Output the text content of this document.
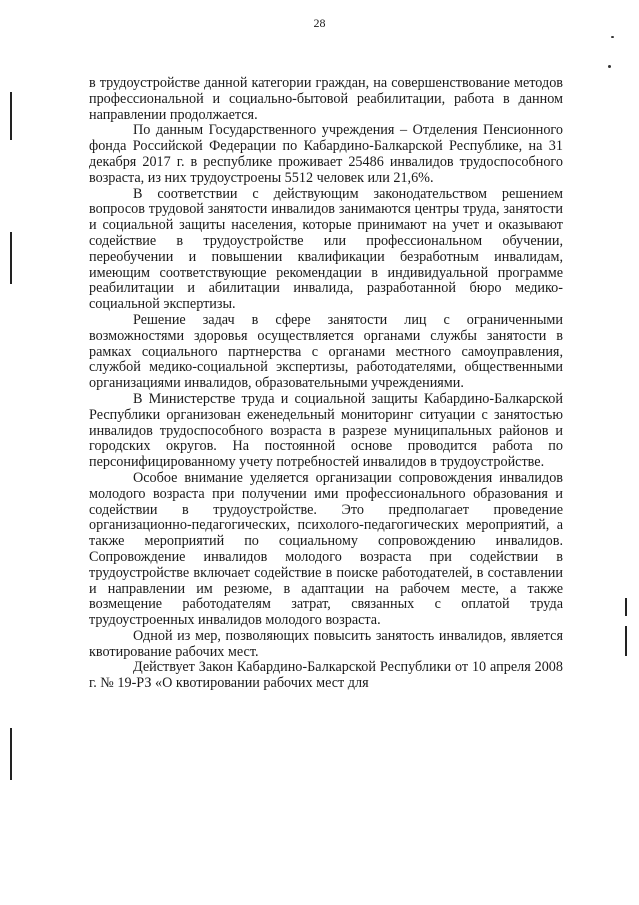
28

в трудоустройстве данной категории граждан, на совершенствование методов профессиональной и социально-бытовой реабилитации, работа в данном направлении продолжается.

По данным Государственного учреждения – Отделения Пенсионного фонда Российской Федерации по Кабардино-Балкарской Республике, на 31 декабря 2017 г. в республике проживает 25486 инвалидов трудоспособного возраста, из них трудоустроены 5512 человек или 21,6%.

В соответствии с действующим законодательством решением вопросов трудовой занятости инвалидов занимаются центры труда, занятости и социальной защиты населения, которые принимают на учет и оказывают содействие в трудоустройстве или профессиональном обучении, переобучении и повышении квалификации безработным инвалидам, имеющим соответствующие рекомендации в индивидуальной программе реабилитации и абилитации инвалида, разработанной бюро медико-социальной экспертизы.

Решение задач в сфере занятости лиц с ограниченными возможностями здоровья осуществляется органами службы занятости в рамках социального партнерства с органами местного самоуправления, службой медико-социальной экспертизы, работодателями, общественными организациями инвалидов, образовательными учреждениями.

В Министерстве труда и социальной защиты Кабардино-Балкарской Республики организован еженедельный мониторинг ситуации с занятостью инвалидов трудоспособного возраста в разрезе муниципальных районов и городских округов. На постоянной основе проводится работа по персонифицированному учету потребностей инвалидов в трудоустройстве.

Особое внимание уделяется организации сопровождения инвалидов молодого возраста при получении ими профессионального образования и содействии в трудоустройстве. Это предполагает проведение организационно-педагогических, психолого-педагогических мероприятий, а также мероприятий по социальному сопровождению инвалидов. Сопровождение инвалидов молодого возраста при содействии в трудоустройстве включает содействие в поиске работодателей, в составлении и направлении им резюме, в адаптации на рабочем месте, а также возмещение работодателям затрат, связанных с оплатой труда трудоустроенных инвалидов молодого возраста.

Одной из мер, позволяющих повысить занятость инвалидов, является квотирование рабочих мест.

Действует Закон Кабардино-Балкарской Республики от 10 апреля 2008 г. № 19-РЗ «О квотировании рабочих мест для
